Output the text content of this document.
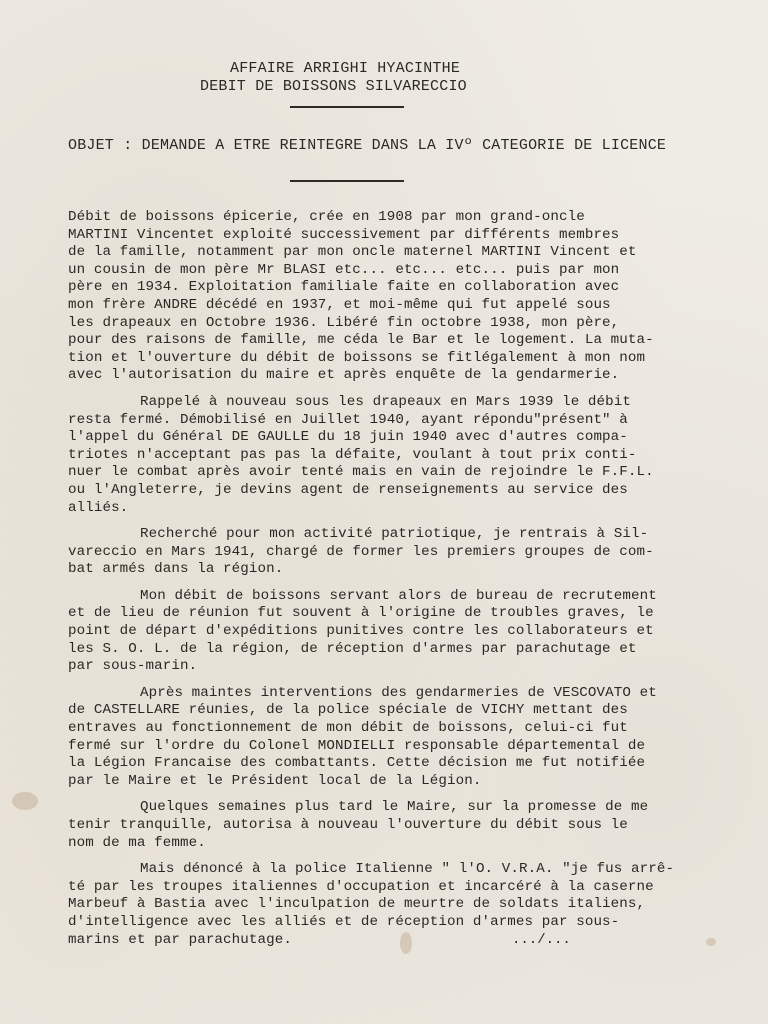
AFFAIRE ARRIGHI HYACINTHE
DEBIT DE BOISSONS SILVARECCIO
OBJET : DEMANDE A ETRE REINTEGRE DANS LA IVº CATEGORIE DE LICENCE
Débit de boissons épicerie, crée en 1908 par mon grand-oncle
MARTINI Vincentet exploité successivement par différents membres
de la famille, notamment par mon oncle maternel MARTINI Vincent et
un cousin de mon père Mr BLASI etc... etc... etc... puis par mon
père en 1934. Exploitation familiale faite en collaboration avec
mon frère ANDRE décédé en 1937, et moi-même qui fut appelé sous
les drapeaux en Octobre 1936. Libéré fin octobre 1938, mon père,
pour des raisons de famille, me céda le Bar et le logement. La muta-
tion et l'ouverture du débit de boissons se fitlégalement à mon nom
avec l'autorisation du maire et après enquête de la gendarmerie.
Rappelé à nouveau sous les drapeaux en Mars 1939 le débit
resta fermé. Démobilisé en Juillet 1940, ayant répondu"présent" à
l'appel du Général DE GAULLE du 18 juin 1940 avec d'autres compa-
triotes n'acceptant pas pas la défaite, voulant à tout prix conti-
nuer le combat après avoir tenté mais en vain de rejoindre le F.F.L.
ou l'Angleterre, je devins agent de renseignements au service des
alliés.
Recherché pour mon activité patriotique, je rentrais à Sil-
vareccio en Mars 1941, chargé de former les premiers groupes de com-
bat armés dans la région.
Mon débit de boissons servant alors de bureau de recrutement
et de lieu de réunion fut souvent à l'origine de troubles graves, le
point de départ d'expéditions punitives contre les collaborateurs et
les S. O. L. de la région, de réception d'armes par parachutage et
par sous-marin.
Après maintes interventions des gendarmeries de VESCOVATO et
de CASTELLARE réunies, de la police spéciale de VICHY mettant des
entraves au fonctionnement de mon débit de boissons, celui-ci fut
fermé sur l'ordre du Colonel MONDIELLI responsable départemental de
la Légion Francaise des combattants. Cette décision me fut notifiée
par le Maire et le Président local de la Légion.
Quelques semaines plus tard le Maire, sur la promesse de me
tenir tranquille, autorisa à nouveau l'ouverture du débit sous le
nom de ma femme.
Mais dénoncé à la police Italienne " l'O. V.R.A. "je fus arrê-
té par les troupes italiennes d'occupation et incarcéré à la caserne
Marbeuf à Bastia avec l'inculpation de meurtre de soldats italiens,
d'intelligence avec les alliés et de réception d'armes par sous-
marins et par parachutage.	.../...
